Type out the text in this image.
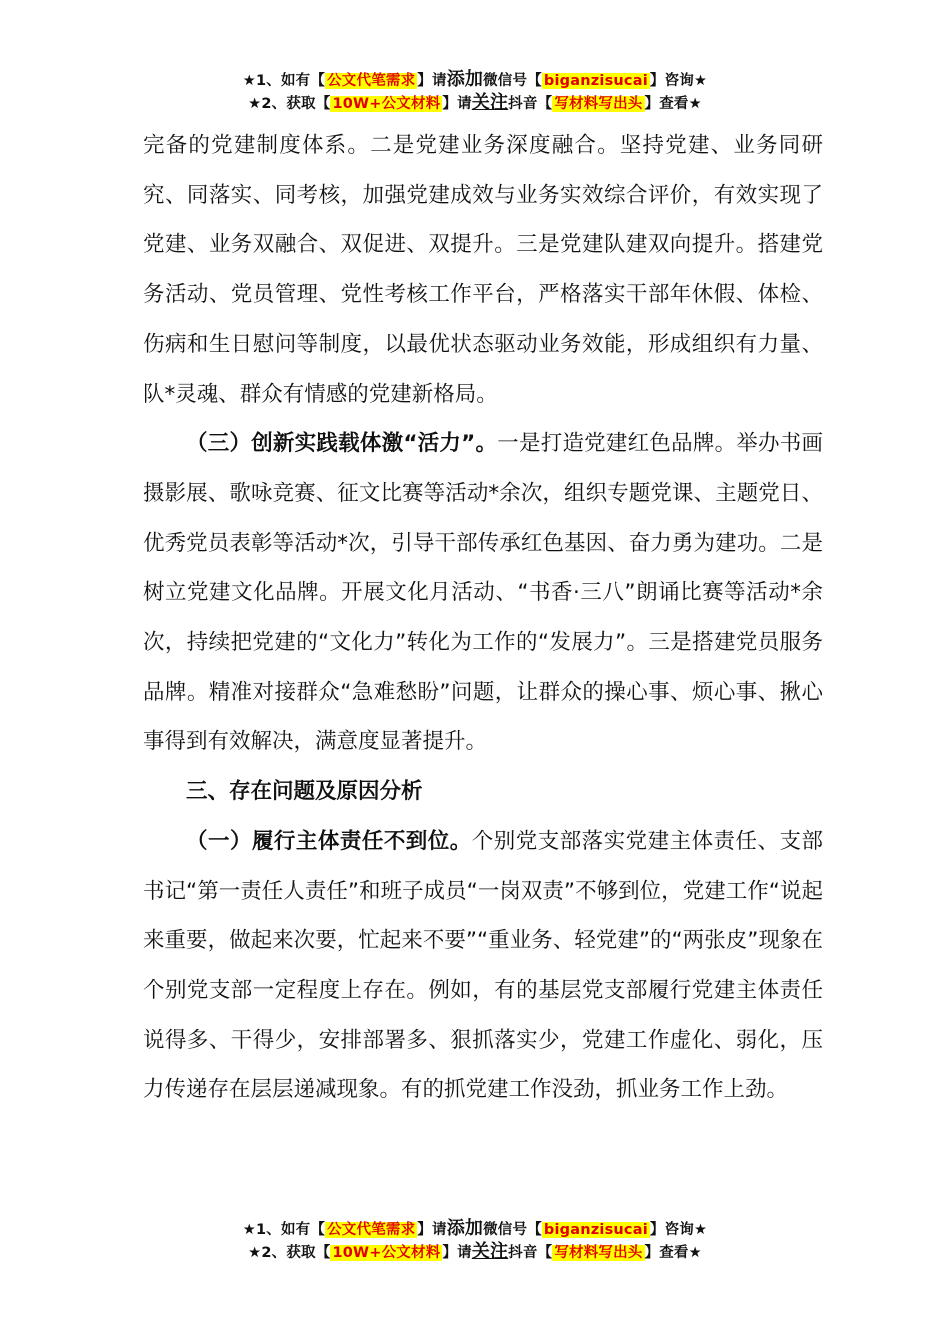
★1、如有【 公文代笔需求 】请添加微信号【 biganzisucai 】咨询★
★2、获取【 10W+公文材料 】请关注抖音【 写材料写出头 】查看★

完备的党建制度体系。二是党建业务深度融合。坚持党建、业务同研究、同落实、同考核，加强党建成效与业务实效综合评价，有效实现了党建、业务双融合、双促进、双提升。三是党建队建双向提升。搭建党务活动、党员管理、党性考核工作平台，严格落实干部年休假、体检、伤病和生日慰问等制度，以最优状态驱动业务效能，形成组织有力量、队*灵魂、群众有情感的党建新格局。

（三）创新实践载体激“活力”。一是打造党建红色品牌。举办书画摄影展、歌咏竞赛、征文比赛等活动*余次，组织专题党课、主题党日、优秀党员表彰等活动*次，引导干部传承红色基因、奋力勇为建功。二是树立党建文化品牌。开展文化月活动、“书香·三八”朗诵比赛等活动*余次，持续把党建的“文化力”转化为工作的“发展力”。三是搭建党员服务品牌。精准对接群众“急难愁盼”问题，让群众的操心事、烦心事、揪心事得到有效解决，满意度显著提升。

三、存在问题及原因分析

（一）履行主体责任不到位。个别党支部落实党建主体责任、支部书记“第一责任人责任”和班子成员“一岗双责”不够到位，党建工作“说起来重要，做起来次要，忙起来不要”“重业务、轻党建”的“两张皮”现象在个别党支部一定程度上存在。例如，有的基层党支部履行党建主体责任说得多、干得少，安排部署多、狠抓落实少，党建工作虚化、弱化，压力传递存在层层递减现象。有的抓党建工作没劲，抓业务工作上劲。

★1、如有【 公文代笔需求 】请添加微信号【 biganzisucai 】咨询★
★2、获取【 10W+公文材料 】请关注抖音【 写材料写出头 】查看★
